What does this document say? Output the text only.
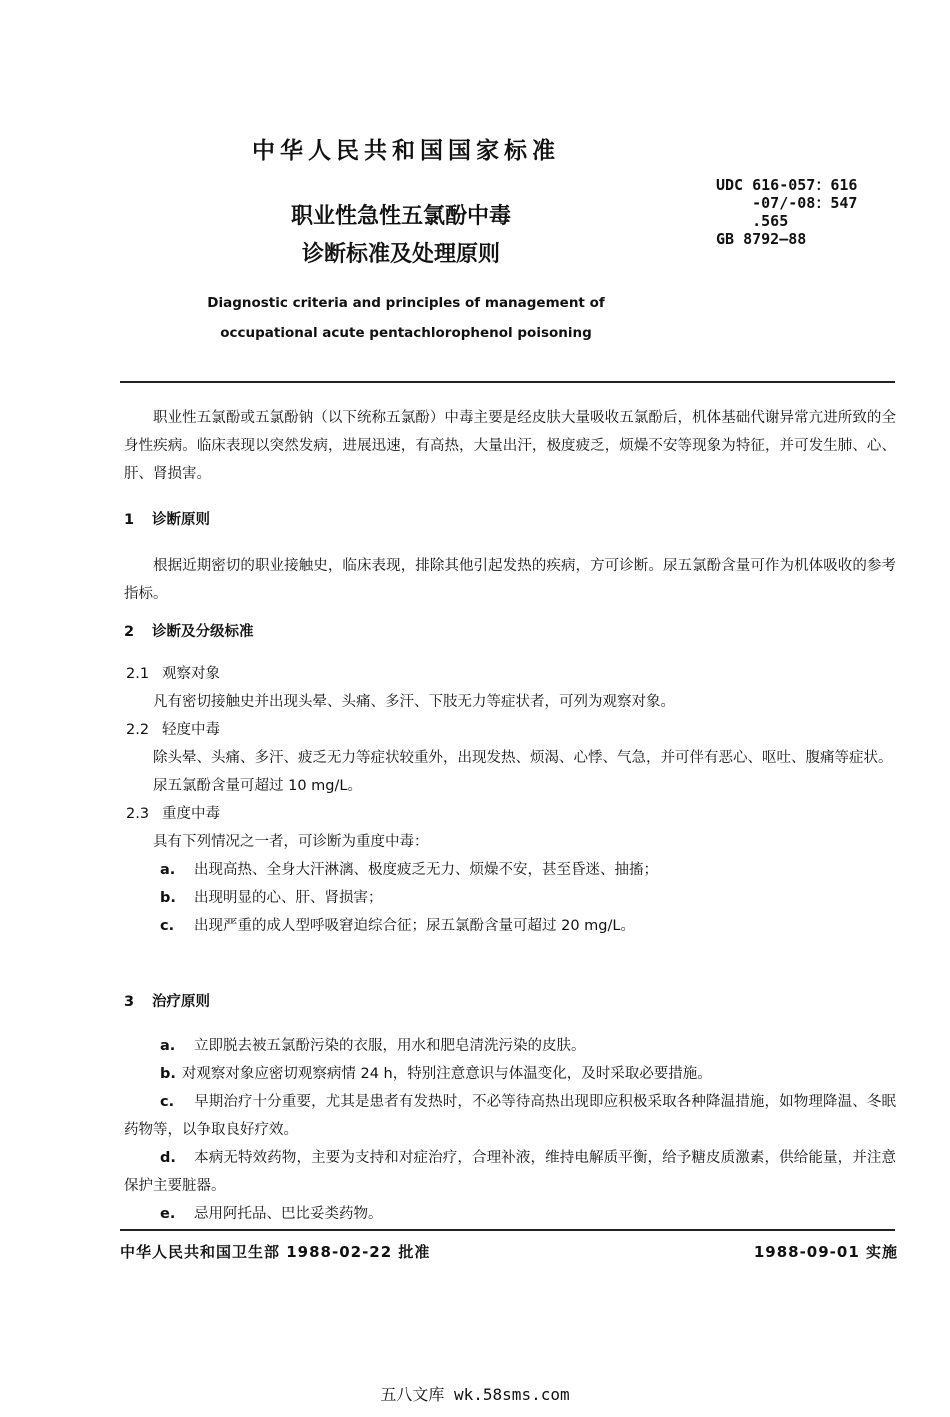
中华人民共和国国家标准
UDC 616-057：616
-07/-08：547
.565
GB 8792—88
职业性急性五氯酚中毒
诊断标准及处理原则
Diagnostic criteria and principles of management of
occupational acute pentachlorophenol poisoning

职业性五氯酚或五氯酚钠（以下统称五氯酚）中毒主要是经皮肤大量吸收五氯酚后，机体基础代谢异常亢进所致的全身性疾病。临床表现以突然发病，进展迅速，有高热，大量出汗，极度疲乏，烦燥不安等现象为特征，并可发生肺、心、肝、肾损害。

1 诊断原则

根据近期密切的职业接触史，临床表现，排除其他引起发热的疾病，方可诊断。尿五氯酚含量可作为机体吸收的参考指标。

2 诊断及分级标准
2.1 观察对象

凡有密切接触史并出现头晕、头痛、多汗、下肢无力等症状者，可列为观察对象。

2.2 轻度中毒

除头晕、头痛、多汗、疲乏无力等症状较重外，出现发热、烦渴、心悸、气急，并可伴有恶心、呕吐、腹痛等症状。

尿五氯酚含量可超过 10 mg/L。

2.3 重度中毒

具有下列情况之一者，可诊断为重度中毒：

a. 出现高热、全身大汗淋漓、极度疲乏无力、烦燥不安，甚至昏迷、抽搐；
b. 出现明显的心、肝、肾损害；
c. 出现严重的成人型呼吸窘迫综合征；尿五氯酚含量可超过 20 mg/L。
3 治疗原则
a. 立即脱去被五氯酚污染的衣服，用水和肥皂清洗污染的皮肤。
b. 对观察对象应密切观察病情 24 h，特别注意意识与体温变化，及时采取必要措施。
c. 早期治疗十分重要，尤其是患者有发热时，不必等待高热出现即应积极采取各种降温措施，如物理降温、冬眠药物等，以争取良好疗效。
d. 本病无特效药物，主要为支持和对症治疗，合理补液，维持电解质平衡，给予糖皮质激素，供给能量，并注意保护主要脏器。
e. 忌用阿托品、巴比妥类药物。
中华人民共和国卫生部 1988-02-22 批准	1988-09-01 实施
五八文库 wk.58sms.com
